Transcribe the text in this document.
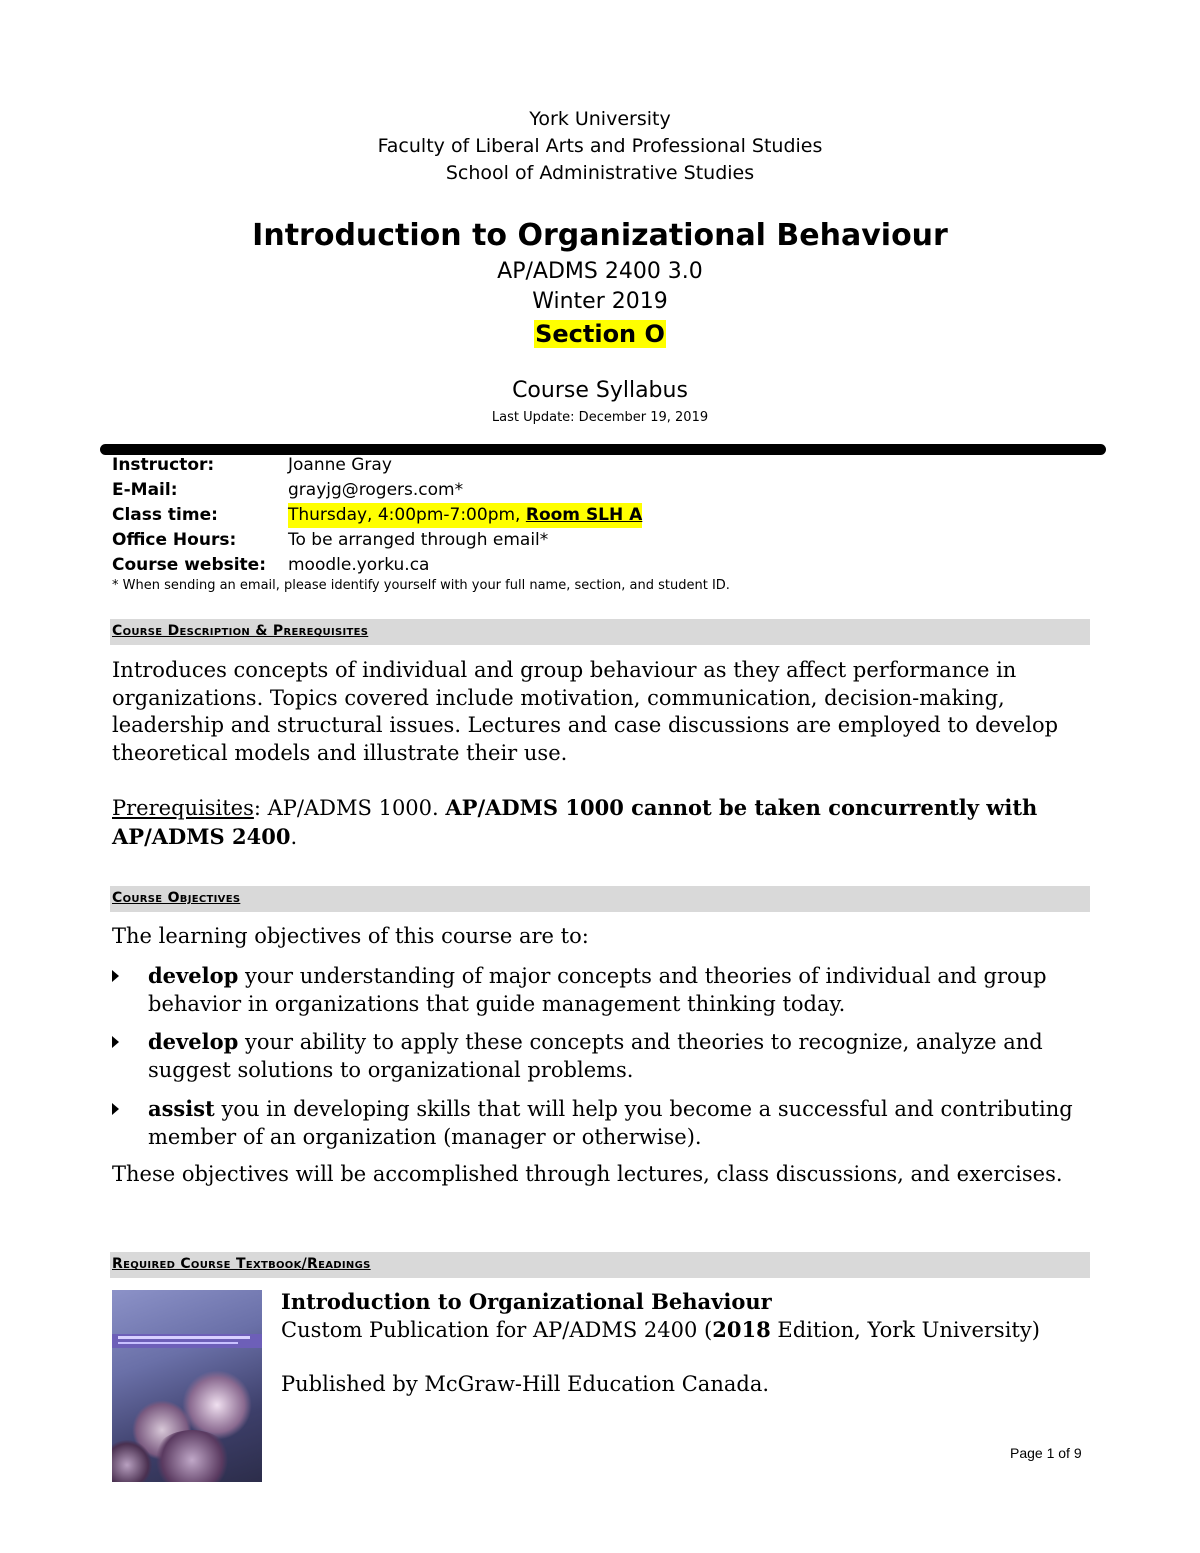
York University
Faculty of Liberal Arts and Professional Studies
School of Administrative Studies
Introduction to Organizational Behaviour
AP/ADMS 2400 3.0
Winter 2019
Section O
Course Syllabus
Last Update: December 19, 2019
Instructor:	Joanne Gray
E-Mail:	grayjg@rogers.com*
Class time:	Thursday, 4:00pm-7:00pm, Room SLH A
Office Hours:	To be arranged through email*
Course website: moodle.yorku.ca
* When sending an email, please identify yourself with your full name, section, and student ID.
Course Description & Prerequisites
Introduces concepts of individual and group behaviour as they affect performance in organizations. Topics covered include motivation, communication, decision-making, leadership and structural issues. Lectures and case discussions are employed to develop theoretical models and illustrate their use.
Prerequisites: AP/ADMS 1000. AP/ADMS 1000 cannot be taken concurrently with AP/ADMS 2400.
Course Objectives
The learning objectives of this course are to:
develop your understanding of major concepts and theories of individual and group behavior in organizations that guide management thinking today.
develop your ability to apply these concepts and theories to recognize, analyze and suggest solutions to organizational problems.
assist you in developing skills that will help you become a successful and contributing member of an organization (manager or otherwise).
These objectives will be accomplished through lectures, class discussions, and exercises.
Required Course Textbook/Readings
Introduction to Organizational Behaviour
Custom Publication for AP/ADMS 2400 (2018 Edition, York University)
Published by McGraw-Hill Education Canada.
Page 1 of 9
